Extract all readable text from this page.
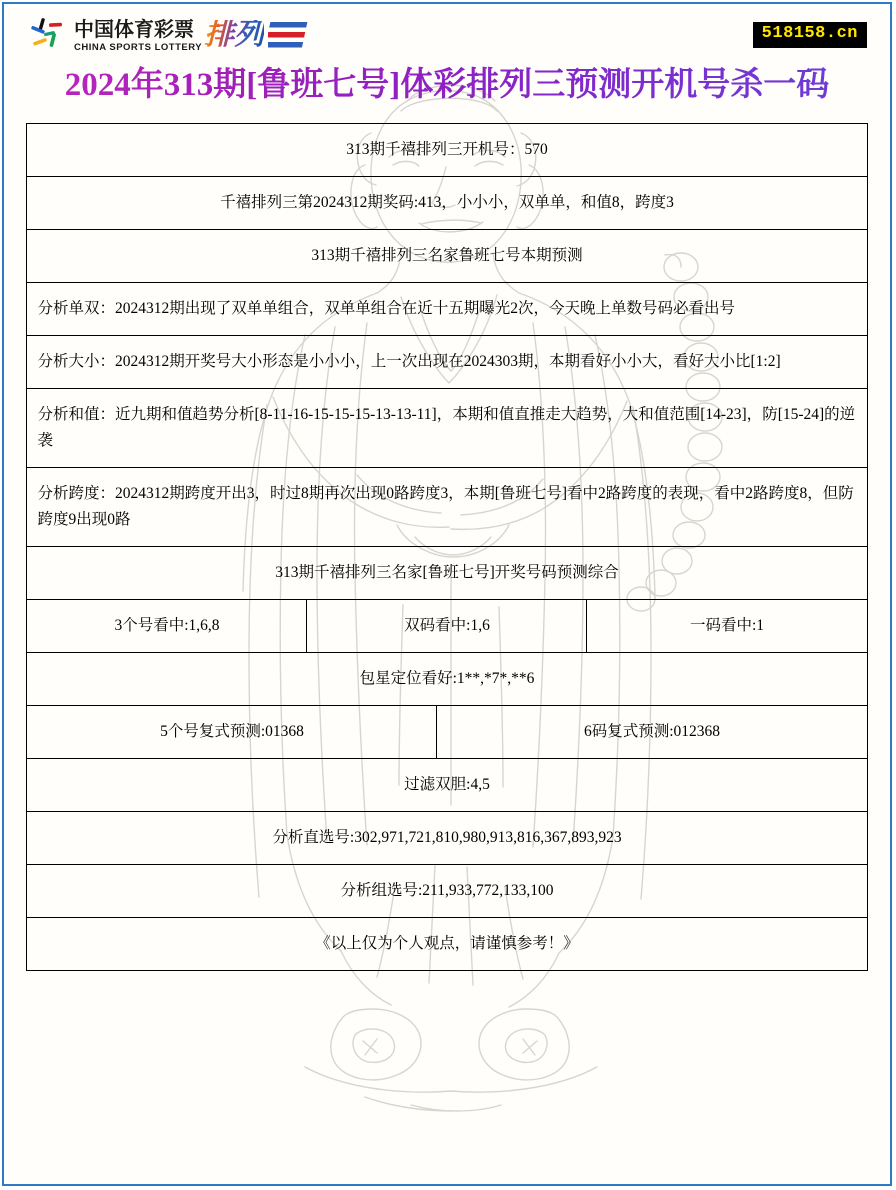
中国体育彩票
CHINA SPORTS LOTTERY 排列	518158.cn
2024年313期[鲁班七号]体彩排列三预测开机号杀一码
313期千禧排列三开机号：570			
千禧排列三第2024312期奖码:413，小小小，双单单，和值8，跨度3			
313期千禧排列三名家鲁班七号本期预测			
分析单双：2024312期出现了双单单组合，双单单组合在近十五期曝光2次，今天晚上单数号码必看出号			
分析大小：2024312期开奖号大小形态是小小小，上一次出现在2024303期，本期看好小小大，看好大小比[1:2]			
分析和值：近九期和值趋势分析[8-11-16-15-15-15-13-13-11]，本期和值直推走大趋势，大和值范围[14-23]，防[15-24]的逆袭			
分析跨度：2024312期跨度开出3，时过8期再次出现0路跨度3，本期[鲁班七号]看中2路跨度的表现，看中2路跨度8，但防跨度9出现0路			
313期千禧排列三名家[鲁班七号]开奖号码预测综合			
3个号看中:1,6,8	双码看中:1,6		一码看中:1
包星定位看好:1**,*7*,**6			
5个号复式预测:01368		6码复式预测:012368	
过滤双胆:4,5			
分析直选号:302,971,721,810,980,913,816,367,893,923			
分析组选号:211,933,772,133,100			
《以上仅为个人观点，请谨慎参考！》			
